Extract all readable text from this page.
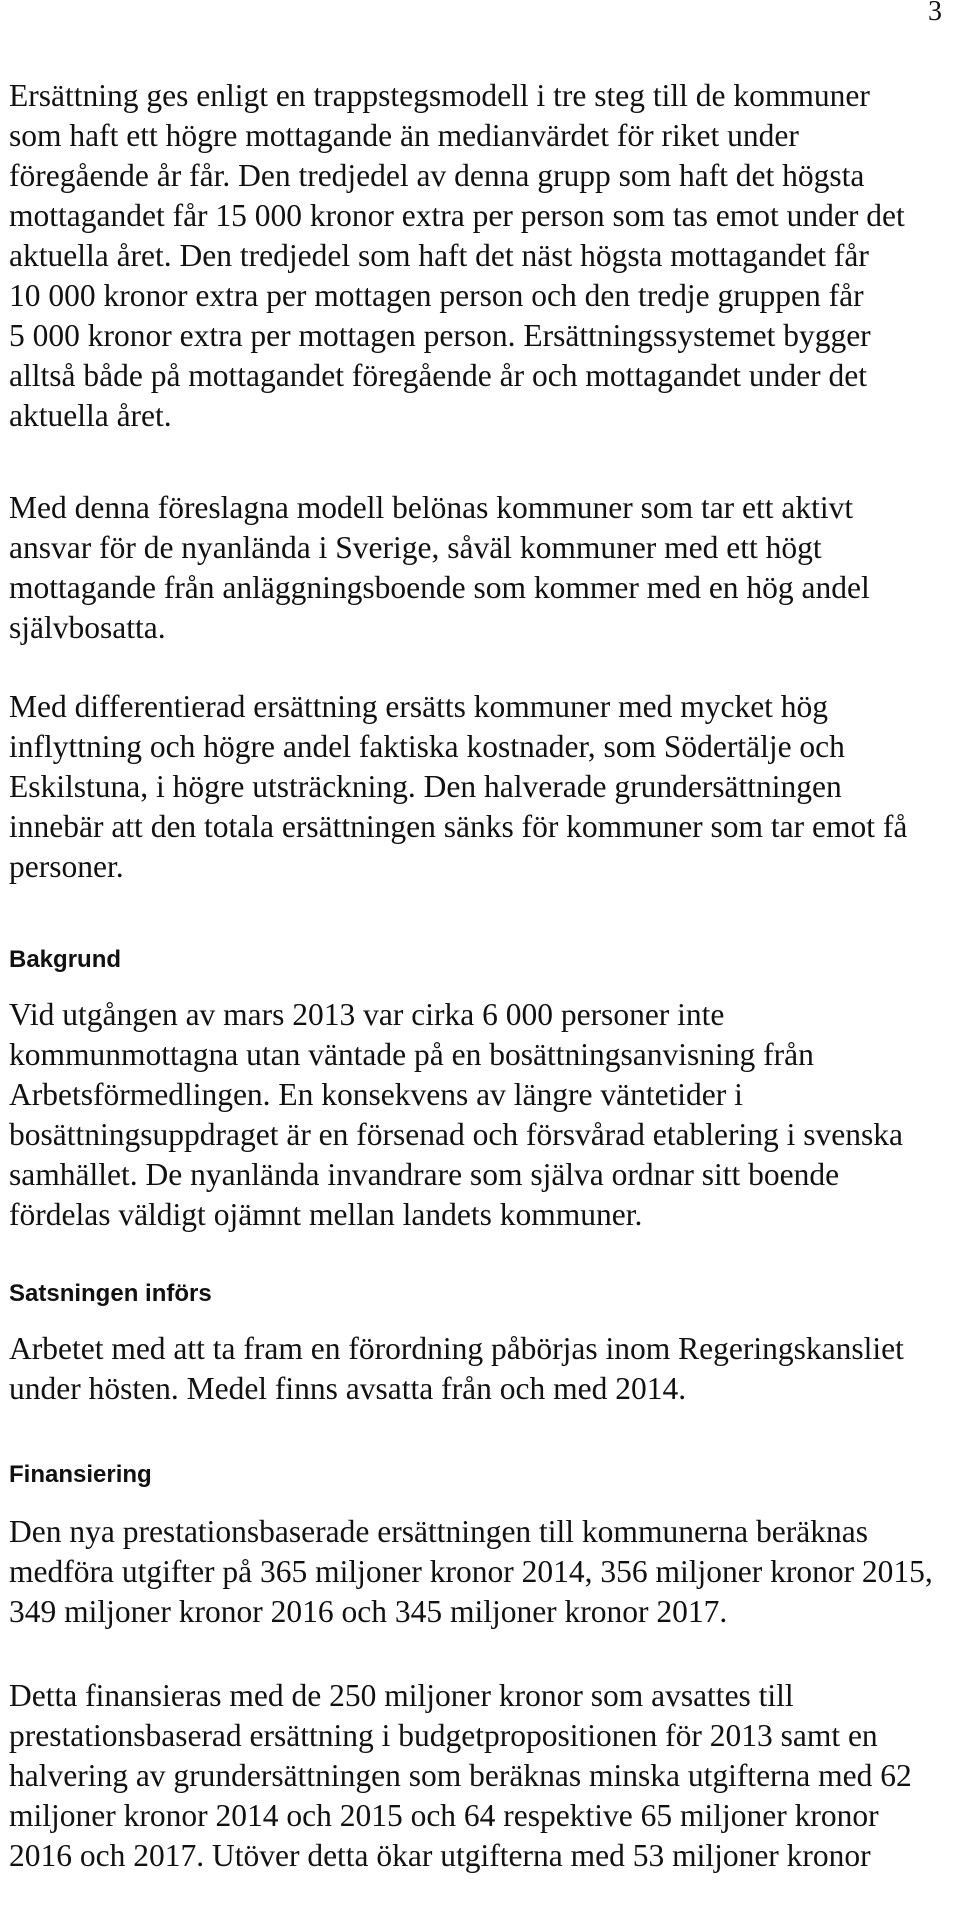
3
Ersättning ges enligt en trappstegsmodell i tre steg till de kommuner
som haft ett högre mottagande än medianvärdet för riket under
föregående år får. Den tredjedel av denna grupp som haft det högsta
mottagandet får 15 000 kronor extra per person som tas emot under det
aktuella året. Den tredjedel som haft det näst högsta mottagandet får
10 000 kronor extra per mottagen person och den tredje gruppen får
5 000 kronor extra per mottagen person. Ersättningssystemet bygger
alltså både på mottagandet föregående år och mottagandet under det
aktuella året.
Med denna föreslagna modell belönas kommuner som tar ett aktivt
ansvar för de nyanlända i Sverige, såväl kommuner med ett högt
mottagande från anläggningsboende som kommer med en hög andel
självbosatta.
Med differentierad ersättning ersätts kommuner med mycket hög
inflyttning och högre andel faktiska kostnader, som Södertälje och
Eskilstuna, i högre utsträckning. Den halverade grundersättningen
innebär att den totala ersättningen sänks för kommuner som tar emot få
personer.
Bakgrund
Vid utgången av mars 2013 var cirka 6 000 personer inte
kommunmottagna utan väntade på en bosättningsanvisning från
Arbetsförmedlingen. En konsekvens av längre väntetider i
bosättningsuppdraget är en försenad och försvårad etablering i svenska
samhället. De nyanlända invandrare som själva ordnar sitt boende
fördelas väldigt ojämnt mellan landets kommuner.
Satsningen införs
Arbetet med att ta fram en förordning påbörjas inom Regeringskansliet
under hösten. Medel finns avsatta från och med 2014.
Finansiering
Den nya prestationsbaserade ersättningen till kommunerna beräknas
medföra utgifter på 365 miljoner kronor 2014, 356 miljoner kronor 2015,
349 miljoner kronor 2016 och 345 miljoner kronor 2017.
Detta finansieras med de 250 miljoner kronor som avsattes till
prestationsbaserad ersättning i budgetpropositionen för 2013 samt en
halvering av grundersättningen som beräknas minska utgifterna med 62
miljoner kronor 2014 och 2015 och 64 respektive 65 miljoner kronor
2016 och 2017. Utöver detta ökar utgifterna med 53 miljoner kronor
